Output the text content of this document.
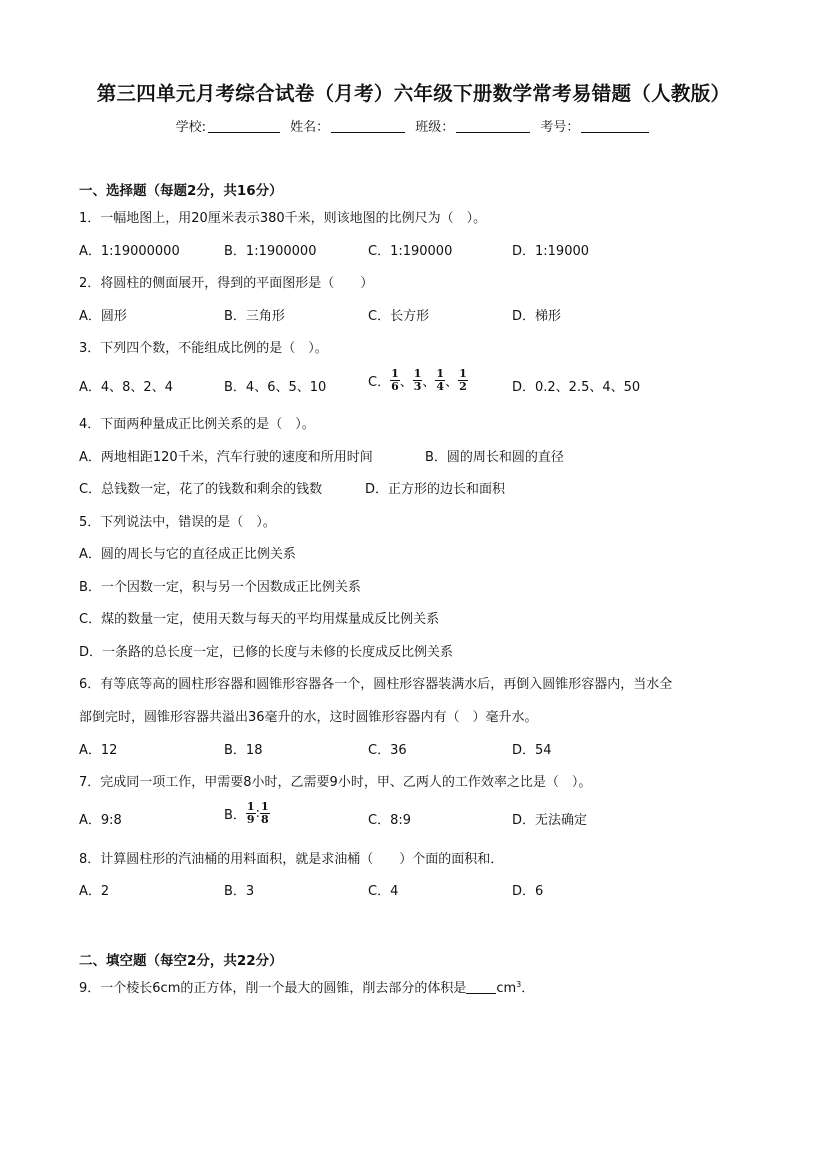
第三四单元月考综合试卷（月考）六年级下册数学常考易错题（人教版）
学校:	姓名：	班级：	考号：
一、选择题（每题2分，共16分）
1．一幅地图上，用20厘米表示380千米，则该地图的比例尺为（　）。
A．1:19000000	B．1:1900000	C．1:190000	D．1:19000
2．将圆柱的侧面展开，得到的平面图形是（　　）
A．圆形	B．三角形	C．长方形	D．梯形
3．下列四个数，不能组成比例的是（　）。
A．4、8、2、4	B．4、6、5、10	C． $\frac{1}{6}$ 、 $\frac{1}{3}$ 、 $\frac{1}{4}$ 、 $\frac{1}{2}$	D．0.2、2.5、4、50
4．下面两种量成正比例关系的是（　）。
A．两地相距120千米，汽车行驶的速度和所用时间	B．圆的周长和圆的直径
C．总钱数一定，花了的钱数和剩余的钱数	D．正方形的边长和面积
5．下列说法中，错误的是（　）。
A．圆的周长与它的直径成正比例关系
B．一个因数一定，积与另一个因数成正比例关系
C．煤的数量一定，使用天数与每天的平均用煤量成反比例关系
D．一条路的总长度一定，已修的长度与未修的长度成反比例关系
6．有等底等高的圆柱形容器和圆锥形容器各一个，圆柱形容器装满水后，再倒入圆锥形容器内，当水全
部倒完时，圆锥形容器共溢出36毫升的水，这时圆锥形容器内有（　）毫升水。
A．12	B．18	C．36	D．54
7．完成同一项工作，甲需要8小时，乙需要9小时，甲、乙两人的工作效率之比是（　）。
A．9:8	B． $\frac{1}{9}$ : $\frac{1}{8}$	C．8:9	D．无法确定
8．计算圆柱形的汽油桶的用料面积，就是求油桶（　　）个面的面积和．
A．2	B．3	C．4	D．6
二、填空题（每空2分，共22分）
9．一个棱长6cm的正方体，削一个最大的圆锥，削去部分的体积是 $cm^3$．
